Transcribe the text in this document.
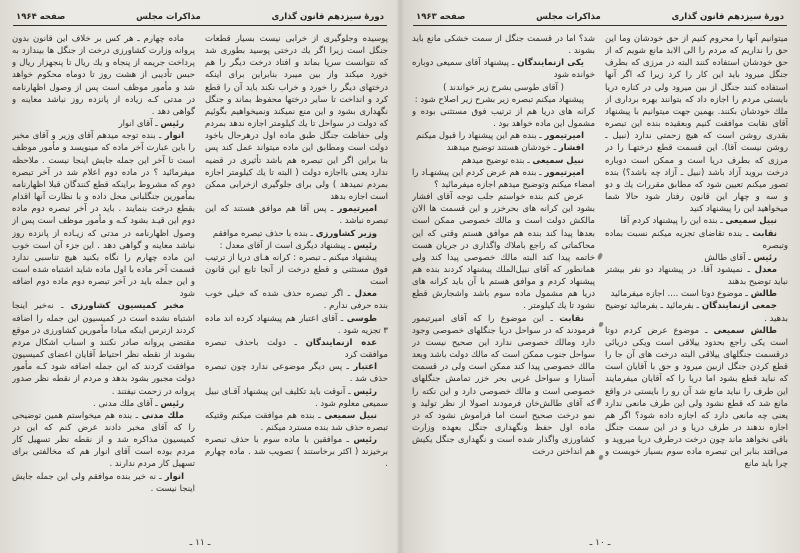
دورۀ سیزدهم قانون گذاری
مذاکرات مجلس
صفحه ۱۹۶۳

میتوانیم آنها را محروم کنیم از حق خودشان وما این حق را نداریم که مردم را الی الابد مانع شویم که از حق خودشان استفاده کنند البته در مرزی که بطرف جنگل میرود باید این کار را کرد زیرا که اگر آنها استفاده کنند جنگل از بین میرود ولی در کناره دریا بایستی مردم را اجازه داد که بتوانند بهره برداری از ملك خودشان بکنند. بهمین جهت میتوانیم با پیشنهاد آقای نقابت موافقت کنیم وبعقیده بنده این تبصره بقدری روشن است که هیچ زحمتی ندارد (نبیل ـ روشن نیست آقا). این قسمت قطع درختهـا را در مرزی که بطرف دریا است و ممکن است دوباره درخت بروید آزاد باشد (نبیل ـ آزاد چه باشد؟) بنده تصور میکنم تعیین شود که مطابق مقررات یك و دو و سه و چهار این قانون رفتار شود حالا شما میخواهید این را پیشنهاد کنید

نبیل سمیعی ـ بنده این را پیشنهاد کردم آقا

نقابت ـ بنده تقاضای تجزیه میکنم نسبت بماده وتبصره

رئیس ـ آقای طالش

معدل ـ نمیشود آقا. در پیشنهاد دو نفر بیشتر نباید توضیح بدهند

طالش ـ موضوع دوتا است .... اجازه میفرمائید

جمعی ازنمایندگان ـ بفرمائید ـ بفرمائید توضیح بدهید .

طالش سمیعی ـ موضوع عرض کردم دوتا است یکی راجع بحدود ییلاقی است ویکی دریائی درقسمت جنگلهای ییلاقی البته درخت های آن جا را قطع کردن جنگل ازبین میرود و حق با آقایان است که نباید قطع بشود اما دریا را که آقایان میفرمایند این طرف را نباید مانع شد آن رو را بایستی در واقع مانع شد که قطع نشود ولی این طرف مانعی ندارد یعنی چه مانعی دارد که اجازه داده شود؟ اگر هم اجازه ندهند در طرف دریا و در این سمت جنگل باقی نخواهد ماند چون درخت درطرف دریا میروید و می‌افتد بنابر این تبصره ماده سوم بسیار خوبست و چرا باید مانع

شد؟ اما در قسمت جنگل از سمت خشکی مانع باید بشوند .

یکی ازنمایندگان ـ پیشنهاد آقای سمیعی دوباره خوانده شود

( آقای طوسی بشرح زیر خواندند )

پیشنهاد میکنم تبصره زیر بشرح زیر اصلاح شود :

کرانه های دریا هم از ترتیب فوق مستثنی بوده و مشمول این ماده خواهد بود .

امیرتیمور ـ بنده هم این پیشنهاد را قبول میکنم

افشار ـ خودشان هستند توضیح میدهند

نبیل سمیعی ـ بنده توضیح میدهم

امیرتیمور ـ بنده هم عرض کردم این پیشنهـاد را امضاء میکنم وتوضیح میدهم اجازه میفرمائید ؟

عرض کنم بنده خواستم جلب توجه آقای افشار بشود این کرانه های بحرخزر و این قسمت ها الان مالکش دولت است و مالك خصوصی ممکن است بعدها پیدا کند بنده هم موافق هستم وقتی که این محاکماتی که راجع باملاك واگذاری در جریان هست خاتمه پیدا کند البته مالك خصوصی پیدا کند ولی همانطور که آقای نبیل‌الملك پیشنهاد کردند بنده هم پیشنهاد کردم و موافق هستم با آن باید کرانه های دریا هم مشمول ماده سوم باشد واشجارش قطع نشود تا یك کیلومتر .

نقابت ـ این موضوع را که آقای امیرتیمور فرمودند که در سواحل دریا جنگلهای خصوصی وجود دارد ومالك خصوصی ندارد این صحیح نیست در سواحل جنوب ممکن است که مالك دولت باشد وبعد مالك خصوصی پیدا کند ممکن است ولی در قسمت آستارا و سواحل غربی بحر خزر تمامش جنگلهای خصوصی است و مالك خصوصی دارد و این نکته را که آقای طالش‌خان فرمودند اصولا از نظر تولید و نمو درخت صحیح است اما فراموش نشود که در ماده اول حفظ ونگهداری جنگل بعهده وزارت کشاورزی واگذار شده است و نگهداری جنگل یکیش هم انداختن درخت

ـ ۱۰ ـ
دورۀ سیزدهم قانون گذاری
مذاکرات مجلس
صفحه ۱۹۶۴

پوسیده وجلوگیری از خرابی نیست بسیار قطعات جنگل است زیرا اگر یك درختی پوسید بطوری شد که نتوانست سرپا بماند و افتاد درخت دیگر را هم خورد میکند واز بین میبرد بنابراین برای اینکه درختهای دیگر را خورد و خراب نکند باید آن را قطع کرد و انداخت تا سایر درختها محفوظ بماند و جنگل نگهداری بشود و این منع نمیکند ونمیخواهیم بگوئیم که دولت در سواحل تا یك کیلومتر اجازه ندهد بمردم ولی حفاظت جنگل طبق ماده اول درهرحال باخود دولت است ومطابق این ماده میتواند عمل کند پس بنا براین اگر این تبصره هم باشد تأثیری در قضیه ندارد یعنی بااجازه دولت ( البته تا یك کیلومتر اجازه بمردم نمیدهد ) ولی برای جلوگیری ازخرابی ممکن است اجازه بدهد

امیرتیمور ـ پس آقا هم موافق هستند که این تبصره نباشد .

وزیر کشاورزی ـ بنده با حذف تبصره موافقم

رئیس ـ پیشنهاد دیگری است از آقای معدل :

پیشنهاد میکنم ـ تبصره : کرانه هـای دریا از ترتیب فوق مستثنی و قطع درخت از آنجا تابع این قانون است

معدل ـ اگر تبصره حذف شده که خیلی خوب بنده حرفی ندارم .

طوسی ـ آقای اعتبار هم پیشنهاد کرده اند ماده ۳ تجزیه شود .

عده ازنمایندگان ـ دولت باحذف تبصره موافقت کرد

اعتبار ـ پس دیگر موضوعی ندارد چون تبصره حذف شد .

رئیس ـ آنوقت باید تکلیف این پیشنهاد آقـای نبیل سمیعی معلوم شود .

نبیل سمیعی ـ بنده هم موافقت میکنم وقتیکه تبصره حذف شد بنده مسترد میکنم .

رئیس ـ موافقین با ماده سوم با حذف تبصره برخیزند ( اکثر برخاستند ) تصویب شد . ماده چهارم .

ماده چهارم ـ هر کس بر خلاف این قانون بدون پروانه وزارت کشاورزی درخت از جنگل ها بیندازد به پرداخت جریمه از پنجاه و یك ریال تا پنجهزار ریال و حبس تأدیبی از هشت روز تا دوماه محکوم خواهد شد و مأمور موظف است پس از وصول اظهارنامه در مدتی کـه زیاده از پانزده روز نباشد معاینه و گواهی دهد .

رئیس ـ آقای انوار

انوار ـ بنده توجه میدهم آقای وزیر و آقای مخبر را باین عبارت آخر ماده که مینویسد و مأمور موظف است تا آخر این جمله جایش اینجا نیست . ملاحظه میفرمائید ؟ در ماده دوم اعلام شد در آخر تبصره دوم که مشروط براینکه قطع کنندگان قبلا اظهارنامه بمأمورین جنگلبانی محل داده و با نظارت آنها اقدام بقطع درخت بنمایند . باید در آخر تبصره دوم ماده دوم این قیـد بشود کـه و مأمور موظف است پس از وصول اظهارنامه در مدتی که زیـاده از پانزده روز نباشد معاینه و گواهی دهد . این جزء آن است خوب این ماده چهارم را نگاه بکنید هیچ تناسبی ندارد قسمت آخر ماده با اول ماده شاید اشتباه شده است و این جمله باید در آخر تبصره دوم ماده دوم اضافه شود

مخبر کمیسیون کشاورزی ـ نه‌خیر اینجا اشتباه نشده است در کمیسیون این جمله را اضافه کردند ازترس اینکه مبادا مأمورین کشاورزی در موقع مقتضی پروانه صادر نکنند و اسباب اشکال مردم بشوند از نقطه نظر احتیاط آقایان اعضای کمیسیون موافقت کردند که این جمله اضافه شود کـه مأمور دولت مجبور بشود بدهد و مردم از نقطه نظر صدور پروانه در زحمت نیفتند .

رئیس ـ آقای ملك مدنی .

ملك مدنی ـ بنده هم میخواستم همین توضیحی را که آقای مخبر دادند عرض کنم که این در کمیسیون مذاکره شد و از نقطه نظر تسهیل کار مردم بوده است آقای انوار هم که مخالفتی برای تسهیل کار مردم ندارند .

انوار ـ نه خیر بنده موافقم ولی این جمله جایش اینجا نیست .

ـ ۱۱ ـ
